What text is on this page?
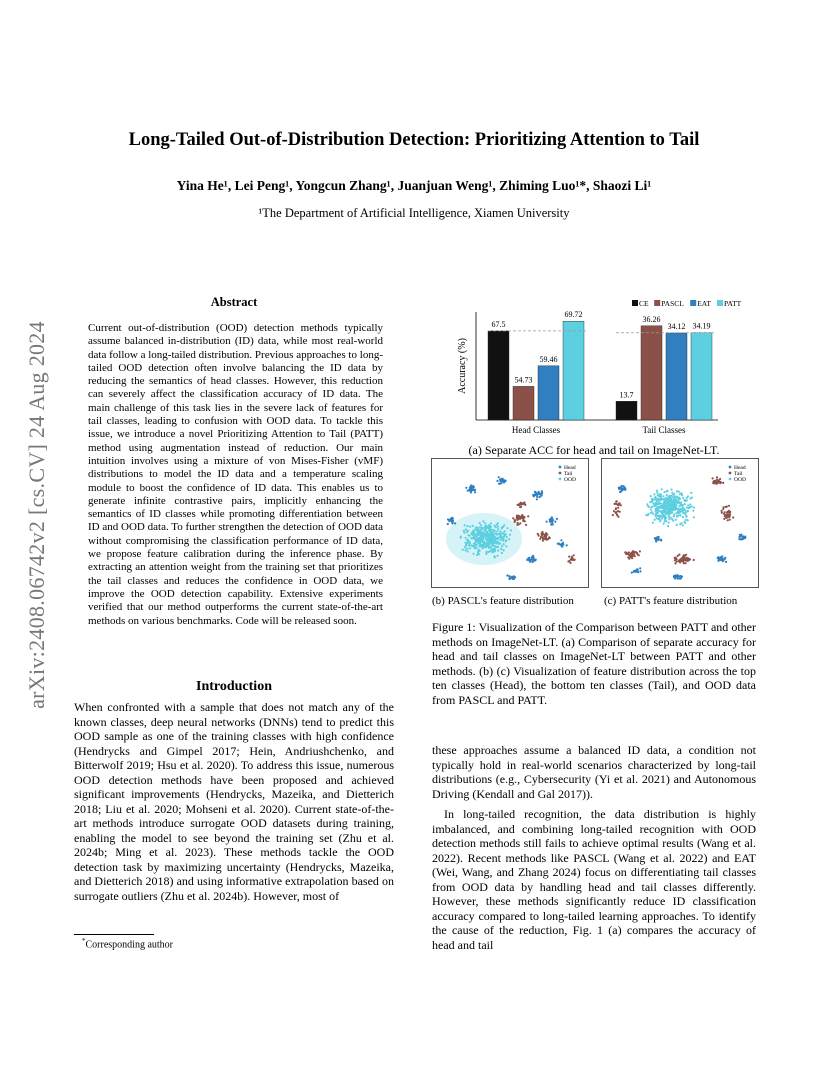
arXiv:2408.06742v2 [cs.CV] 24 Aug 2024
Long-Tailed Out-of-Distribution Detection: Prioritizing Attention to Tail
Yina He¹, Lei Peng¹, Yongcun Zhang¹, Juanjuan Weng¹, Zhiming Luo¹*, Shaozi Li¹
¹The Department of Artificial Intelligence, Xiamen University
Abstract
Current out-of-distribution (OOD) detection methods typically assume balanced in-distribution (ID) data, while most real-world data follow a long-tailed distribution. Previous approaches to long-tailed OOD detection often involve balancing the ID data by reducing the semantics of head classes. However, this reduction can severely affect the classification accuracy of ID data. The main challenge of this task lies in the severe lack of features for tail classes, leading to confusion with OOD data. To tackle this issue, we introduce a novel Prioritizing Attention to Tail (PATT) method using augmentation instead of reduction. Our main intuition involves using a mixture of von Mises-Fisher (vMF) distributions to model the ID data and a temperature scaling module to boost the confidence of ID data. This enables us to generate infinite contrastive pairs, implicitly enhancing the semantics of ID classes while promoting differentiation between ID and OOD data. To further strengthen the detection of OOD data without compromising the classification performance of ID data, we propose feature calibration during the inference phase. By extracting an attention weight from the training set that prioritizes the tail classes and reduces the confidence in OOD data, we improve the OOD detection capability. Extensive experiments verified that our method outperforms the current state-of-the-art methods on various benchmarks. Code will be released soon.
Introduction
When confronted with a sample that does not match any of the known classes, deep neural networks (DNNs) tend to predict this OOD sample as one of the training classes with high confidence (Hendrycks and Gimpel 2017; Hein, Andriushchenko, and Bitterwolf 2019; Hsu et al. 2020). To address this issue, numerous OOD detection methods have been proposed and achieved significant improvements (Hendrycks, Mazeika, and Dietterich 2018; Liu et al. 2020; Mohseni et al. 2020). Current state-of-the-art methods introduce surrogate OOD datasets during training, enabling the model to see beyond the training set (Zhu et al. 2024b; Ming et al. 2023). These methods tackle the OOD detection task by maximizing uncertainty (Hendrycks, Mazeika, and Dietterich 2018) and using informative extrapolation based on surrogate outliers (Zhu et al. 2024b). However, most of
*Corresponding author
Accuracy (%)
67.5
54.73
59.46
69.72
Head Classes
13.7
36.26
34.12 34.19
Tail Classes
CE PASCL EAT PATT
(a) Separate ACC for head and tail on ImageNet-LT.
Head
Tail
OOD
Head
Tail
OOD
(b) PASCL's feature distribution	(c) PATT's feature distribution
Figure 1: Visualization of the Comparison between PATT and other methods on ImageNet-LT. (a) Comparison of separate accuracy for head and tail classes on ImageNet-LT between PATT and other methods. (b) (c) Visualization of feature distribution across the top ten classes (Head), the bottom ten classes (Tail), and OOD data from PASCL and PATT.
these approaches assume a balanced ID data, a condition not typically hold in real-world scenarios characterized by long-tail distributions (e.g., Cybersecurity (Yi et al. 2021) and Autonomous Driving (Kendall and Gal 2017)).
In long-tailed recognition, the data distribution is highly imbalanced, and combining long-tailed recognition with OOD detection methods still fails to achieve optimal results (Wang et al. 2022). Recent methods like PASCL (Wang et al. 2022) and EAT (Wei, Wang, and Zhang 2024) focus on differentiating tail classes from OOD data by handling head and tail classes differently. However, these methods significantly reduce ID classification accuracy compared to long-tailed learning approaches. To identify the cause of the reduction, Fig. 1 (a) compares the accuracy of head and tail
